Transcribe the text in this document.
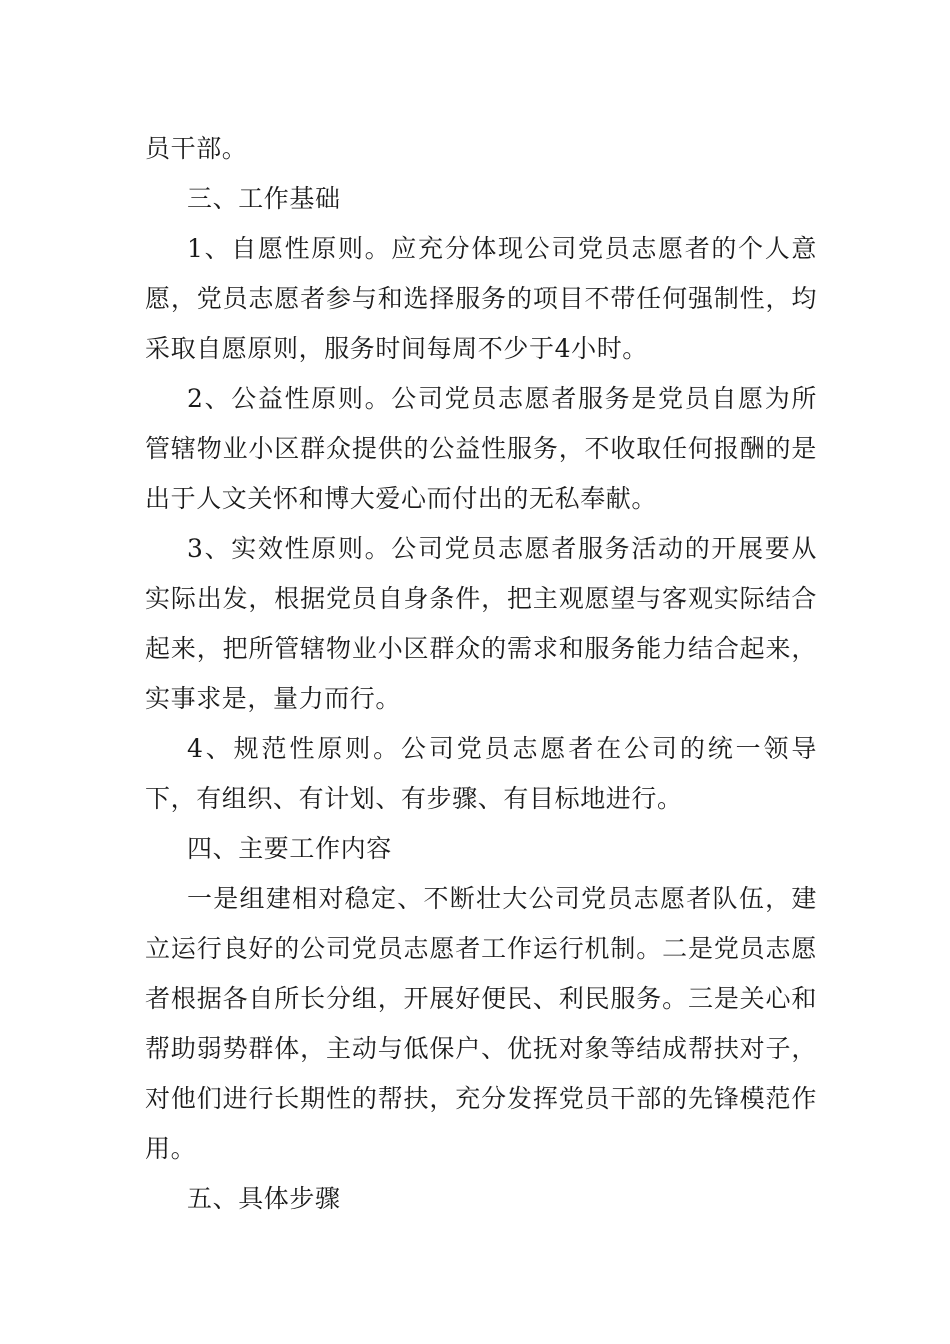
员干部。

三、工作基础

1、自愿性原则。应充分体现公司党员志愿者的个人意愿，党员志愿者参与和选择服务的项目不带任何强制性，均采取自愿原则，服务时间每周不少于4小时。

2、公益性原则。公司党员志愿者服务是党员自愿为所管辖物业小区群众提供的公益性服务，不收取任何报酬的是出于人文关怀和博大爱心而付出的无私奉献。

3、实效性原则。公司党员志愿者服务活动的开展要从实际出发，根据党员自身条件，把主观愿望与客观实际结合起来，把所管辖物业小区群众的需求和服务能力结合起来，实事求是，量力而行。

4、规范性原则。公司党员志愿者在公司的统一领导下，有组织、有计划、有步骤、有目标地进行。

四、主要工作内容

一是组建相对稳定、不断壮大公司党员志愿者队伍，建立运行良好的公司党员志愿者工作运行机制。二是党员志愿者根据各自所长分组，开展好便民、利民服务。三是关心和帮助弱势群体，主动与低保户、优抚对象等结成帮扶对子，对他们进行长期性的帮扶，充分发挥党员干部的先锋模范作用。

五、具体步骤
